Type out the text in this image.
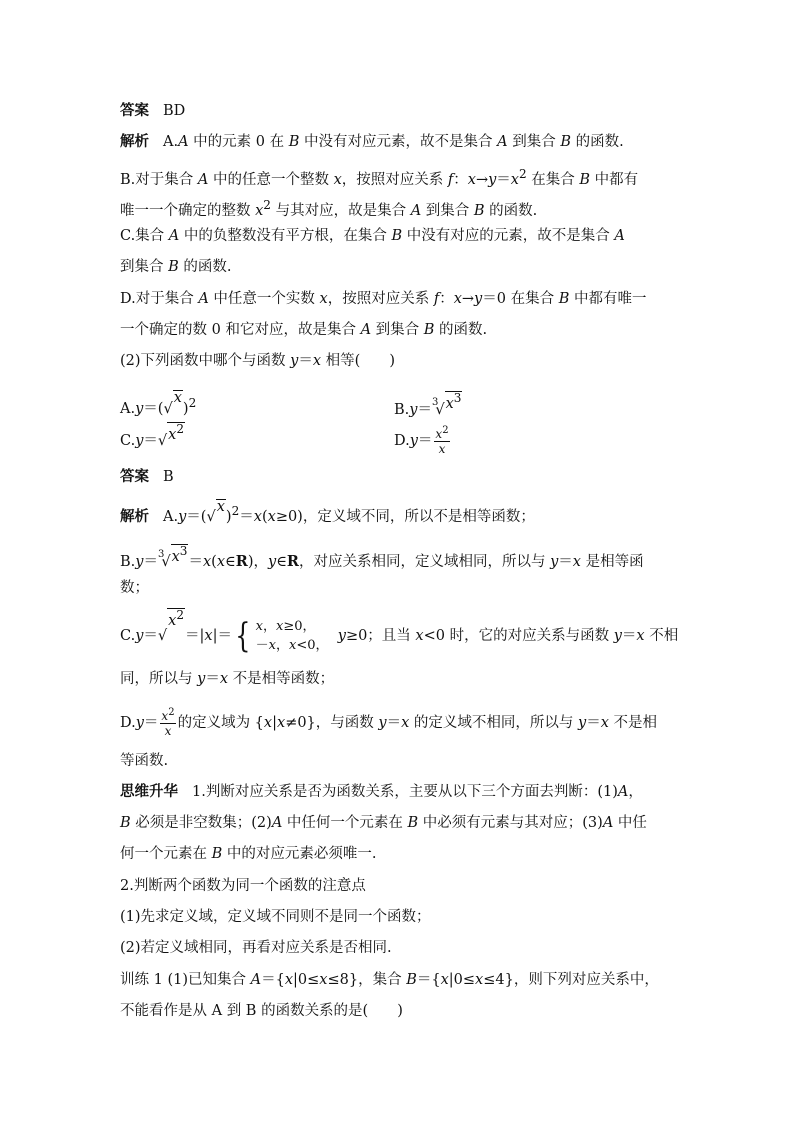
答案 BD
解析 A.A 中的元素 0 在 B 中没有对应元素，故不是集合 A 到集合 B 的函数.
B.对于集合 A 中的任意一个整数 x，按照对应关系 f：$x\to y=x^2$ 在集合 B 中都有
唯一一个确定的整数 $x^2$ 与其对应，故是集合 A 到集合 B 的函数.
C.集合 A 中的负整数没有平方根，在集合 B 中没有对应的元素，故不是集合 A
到集合 B 的函数.
D.对于集合 A 中任意一个实数 x，按照对应关系 f：x→y＝0 在集合 B 中都有唯一
一个确定的数 0 和它对应，故是集合 A 到集合 B 的函数.
(2)下列函数中哪个与函数 y＝x 相等(　　)
A.y＝(√
x
)$^2$	B.y＝$^3$√ $x^3$
C.y＝√ $x^2$
$D.y= \frac{x^2}{x}$
答案 B
解析 A.y＝(√
x
)$^2$＝x(x≥0)，定义域不同，所以不是相等函数；
B.y＝$^3$√ $x^3$
＝x(x∈R)，y∈R，对应关系相同，定义域相同，所以与 y＝x 是相等函
数；
C.y＝√
$x^2$
＝|x|＝ { x，x≥0，
－x，x<0，
y≥0；且当 x<0 时，它的对应关系与函数 y＝x 不相
同，所以与 y＝x 不是相等函数；
$D.y= \frac{x^2}{x}$ 的定义域为 {x|x≠0}，与函数 y＝x 的定义域不相同，所以与 y＝x 不是相
等函数.
思维升华 1.判断对应关系是否为函数关系，主要从以下三个方面去判断：(1)A，
B 必须是非空数集；(2)A 中任何一个元素在 B 中必须有元素与其对应；(3)A 中任
何一个元素在 B 中的对应元素必须唯一.
2.判断两个函数为同一个函数的注意点
(1)先求定义域，定义域不同则不是同一个函数；
(2)若定义域相同，再看对应关系是否相同.
训练 1 (1)已知集合 A＝{x|0≤x≤8}，集合 B＝{x|0≤x≤4}，则下列对应关系中，
不能看作是从 A 到 B 的函数关系的是(　　)
